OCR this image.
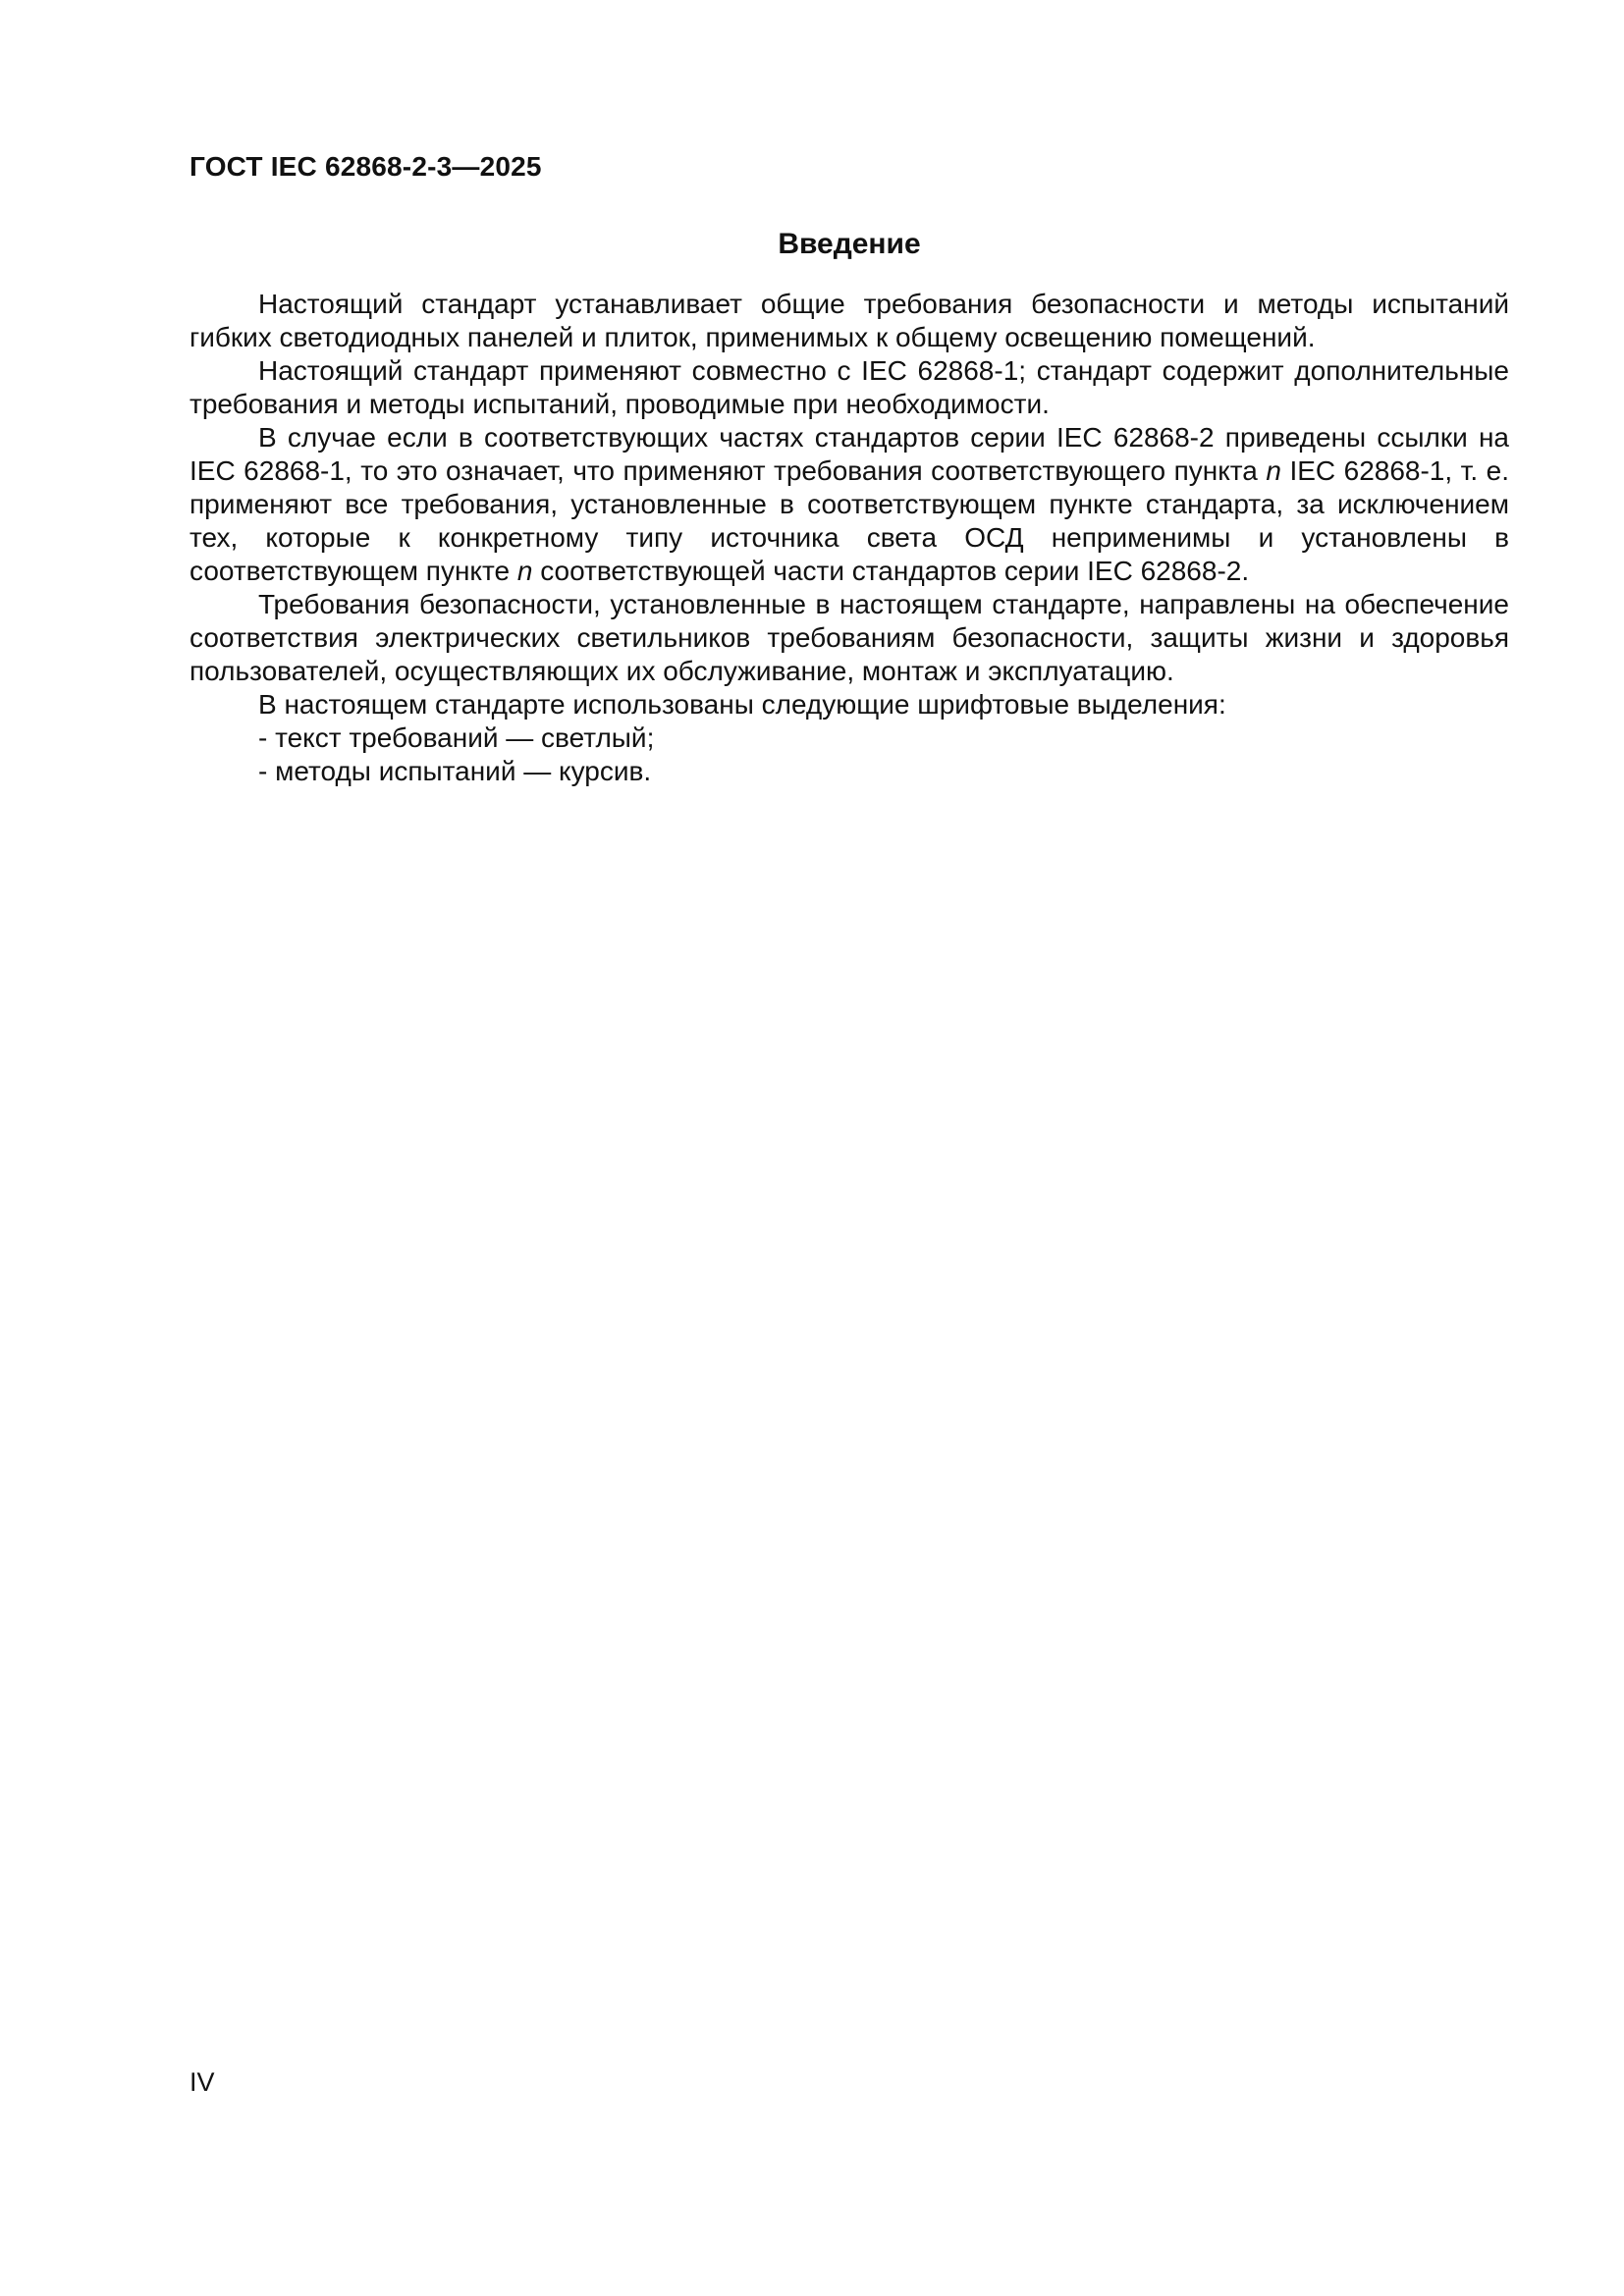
ГОСТ IEC 62868-2-3—2025
Введение

Настоящий стандарт устанавливает общие требования безопасности и методы испытаний гибких светодиодных панелей и плиток, применимых к общему освещению помещений.

Настоящий стандарт применяют совместно с IEC 62868-1; стандарт содержит дополнительные требования и методы испытаний, проводимые при необходимости.

В случае если в соответствующих частях стандартов серии IEC 62868-2 приведены ссылки на IEC 62868-1, то это означает, что применяют требования соответствующего пункта n IEC 62868-1, т. е. применяют все требования, установленные в соответствующем пункте стандарта, за исключением тех, которые к конкретному типу источника света ОСД неприменимы и установлены в соответствующем пункте n соответствующей части стандартов серии IEC 62868-2.

Требования безопасности, установленные в настоящем стандарте, направлены на обеспечение соответствия электрических светильников требованиям безопасности, защиты жизни и здоровья пользователей, осуществляющих их обслуживание, монтаж и эксплуатацию.

В настоящем стандарте использованы следующие шрифтовые выделения:

- текст требований — светлый;

- методы испытаний — курсив.

IV
